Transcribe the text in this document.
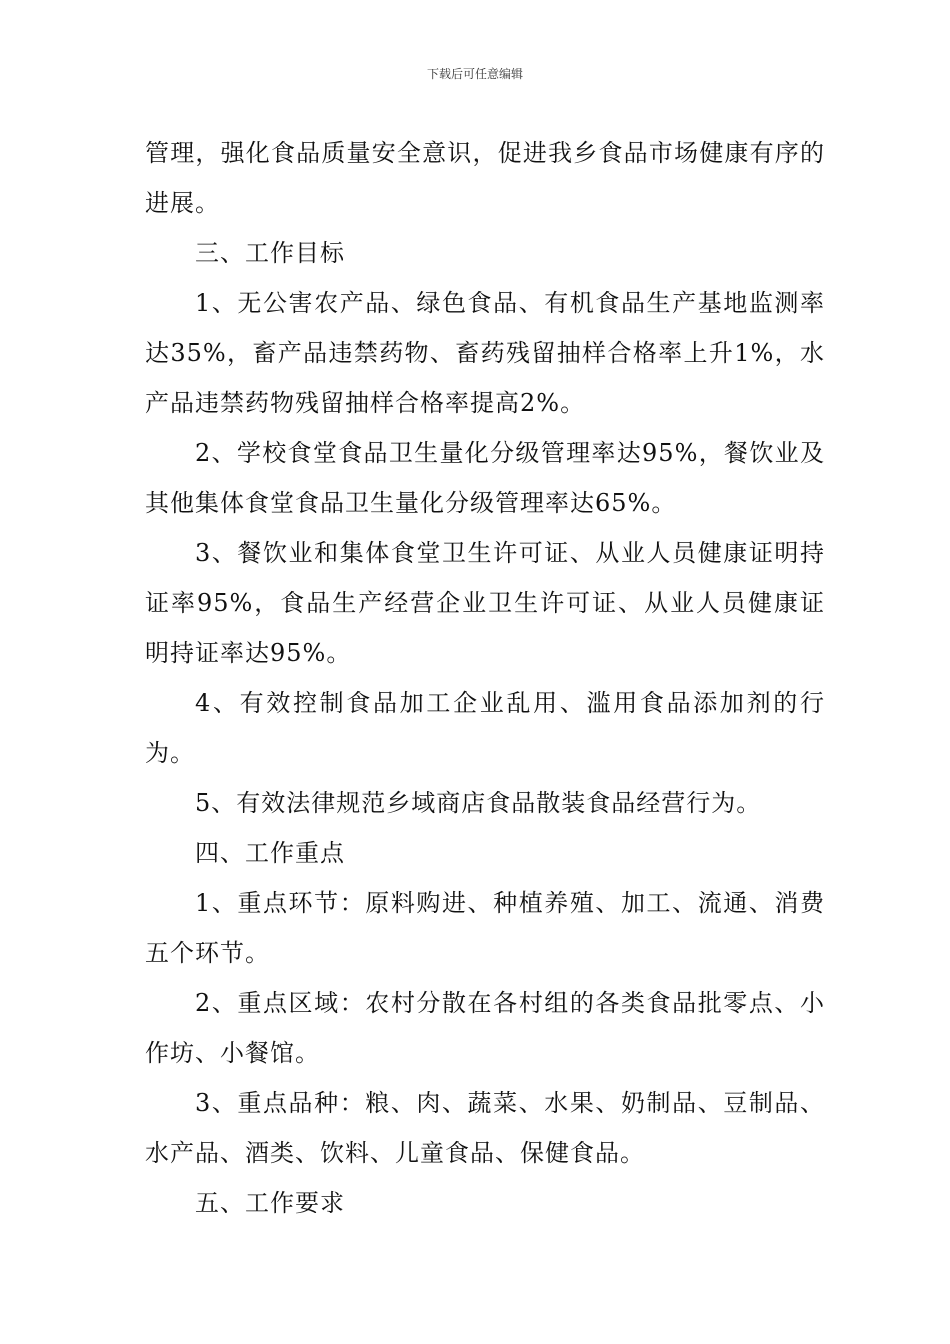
下载后可任意编辑

管理，强化食品质量安全意识，促进我乡食品市场健康有序的进展。

三、工作目标

1、无公害农产品、绿色食品、有机食品生产基地监测率达35%，畜产品违禁药物、畜药残留抽样合格率上升1%，水产品违禁药物残留抽样合格率提高2%。

2、学校食堂食品卫生量化分级管理率达95%，餐饮业及其他集体食堂食品卫生量化分级管理率达65%。

3、餐饮业和集体食堂卫生许可证、从业人员健康证明持证率95%，食品生产经营企业卫生许可证、从业人员健康证明持证率达95%。

4、有效控制食品加工企业乱用、滥用食品添加剂的行为。

5、有效法律规范乡域商店食品散装食品经营行为。

四、工作重点

1、重点环节：原料购进、种植养殖、加工、流通、消费五个环节。

2、重点区域：农村分散在各村组的各类食品批零点、小作坊、小餐馆。

3、重点品种：粮、肉、蔬菜、水果、奶制品、豆制品、水产品、酒类、饮料、儿童食品、保健食品。

五、工作要求
